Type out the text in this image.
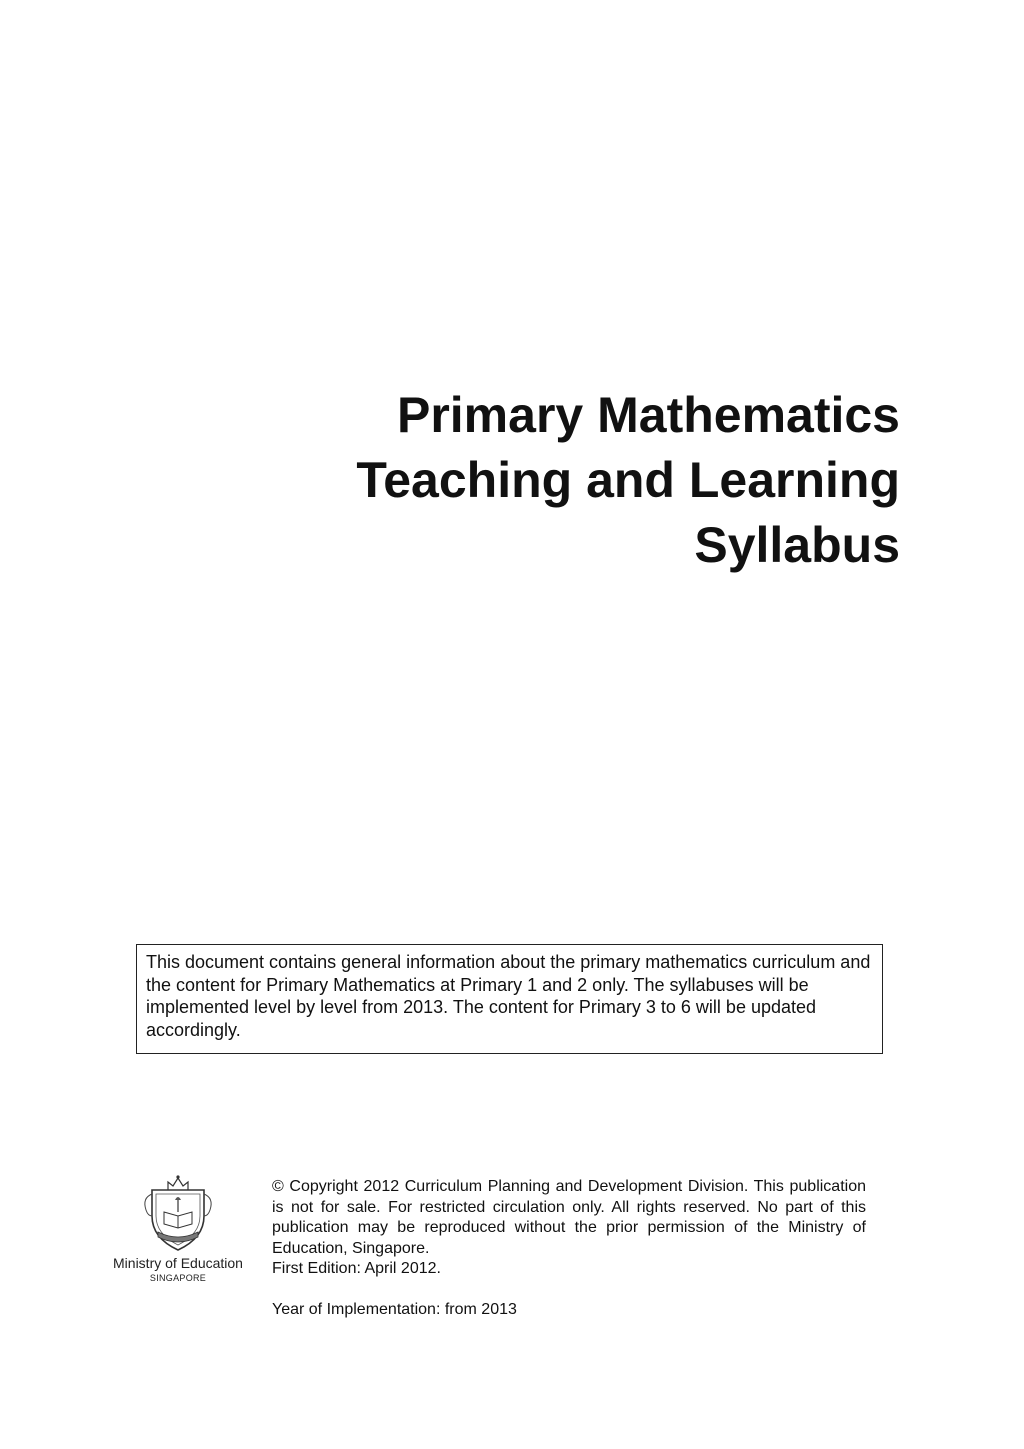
Primary Mathematics
Teaching and Learning
Syllabus

This document contains general information about the primary mathematics curriculum and the content for Primary Mathematics at Primary 1 and 2 only. The syllabuses will be implemented level by level from 2013. The content for Primary 3 to 6 will be updated accordingly.

Ministry of Education
SINGAPORE

© Copyright 2012 Curriculum Planning and Development Division. This publication is not for sale. For restricted circulation only. All rights reserved. No part of this publication may be reproduced without the prior permission of the Ministry of Education, Singapore.

First Edition: April 2012.

Year of Implementation: from 2013
